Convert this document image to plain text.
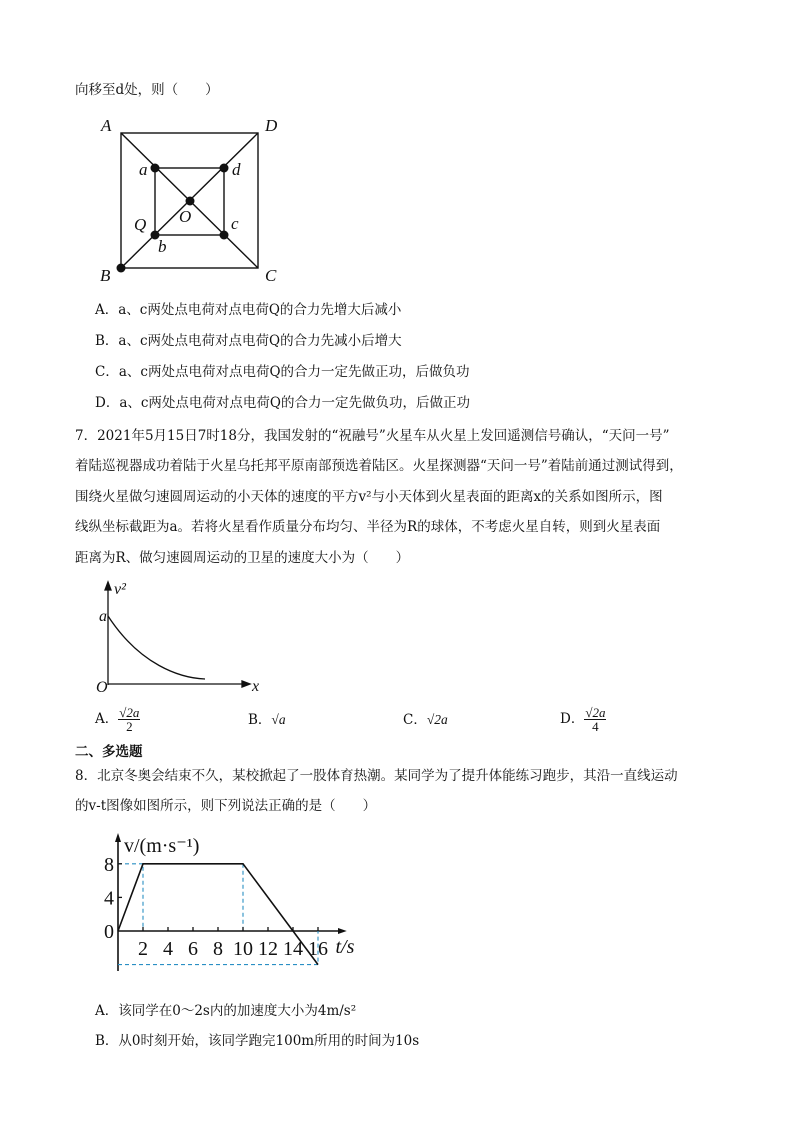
向移至d处，则（　　）
A	D
B	C
a	d
b
c
O
Q
v²
a
O	x
2 4 6 8 10 12 14 16
0
4
8
v/(m·s⁻¹)
t/s
A．a、c两处点电荷对点电荷Q的合力先增大后减小
B．a、c两处点电荷对点电荷Q的合力先减小后增大
C．a、c两处点电荷对点电荷Q的合力一定先做正功，后做负功
D．a、c两处点电荷对点电荷Q的合力一定先做负功，后做正功
7．2021年5月15日7时18分，我国发射的“祝融号”火星车从火星上发回遥测信号确认，“天问一号”
着陆巡视器成功着陆于火星乌托邦平原南部预选着陆区。火星探测器“天问一号”着陆前通过测试得到，
围绕火星做匀速圆周运动的小天体的速度的平方v²与小天体到火星表面的距离x的关系如图所示，图
线纵坐标截距为a。若将火星看作质量分布均匀、半径为R的球体，不考虑火星自转，则到火星表面
距离为R、做匀速圆周运动的卫星的速度大小为（　　）
A． $\frac{√2a}{2}$	B．√a	C．√2a	D． $\frac{√2a}{4}$
二、多选题
8．北京冬奥会结束不久，某校掀起了一股体育热潮。某同学为了提升体能练习跑步，其沿一直线运动
的v-t图像如图所示，则下列说法正确的是（　　）
A．该同学在0～2s内的加速度大小为4m/s²
B．从0时刻开始，该同学跑完100m所用的时间为10s
